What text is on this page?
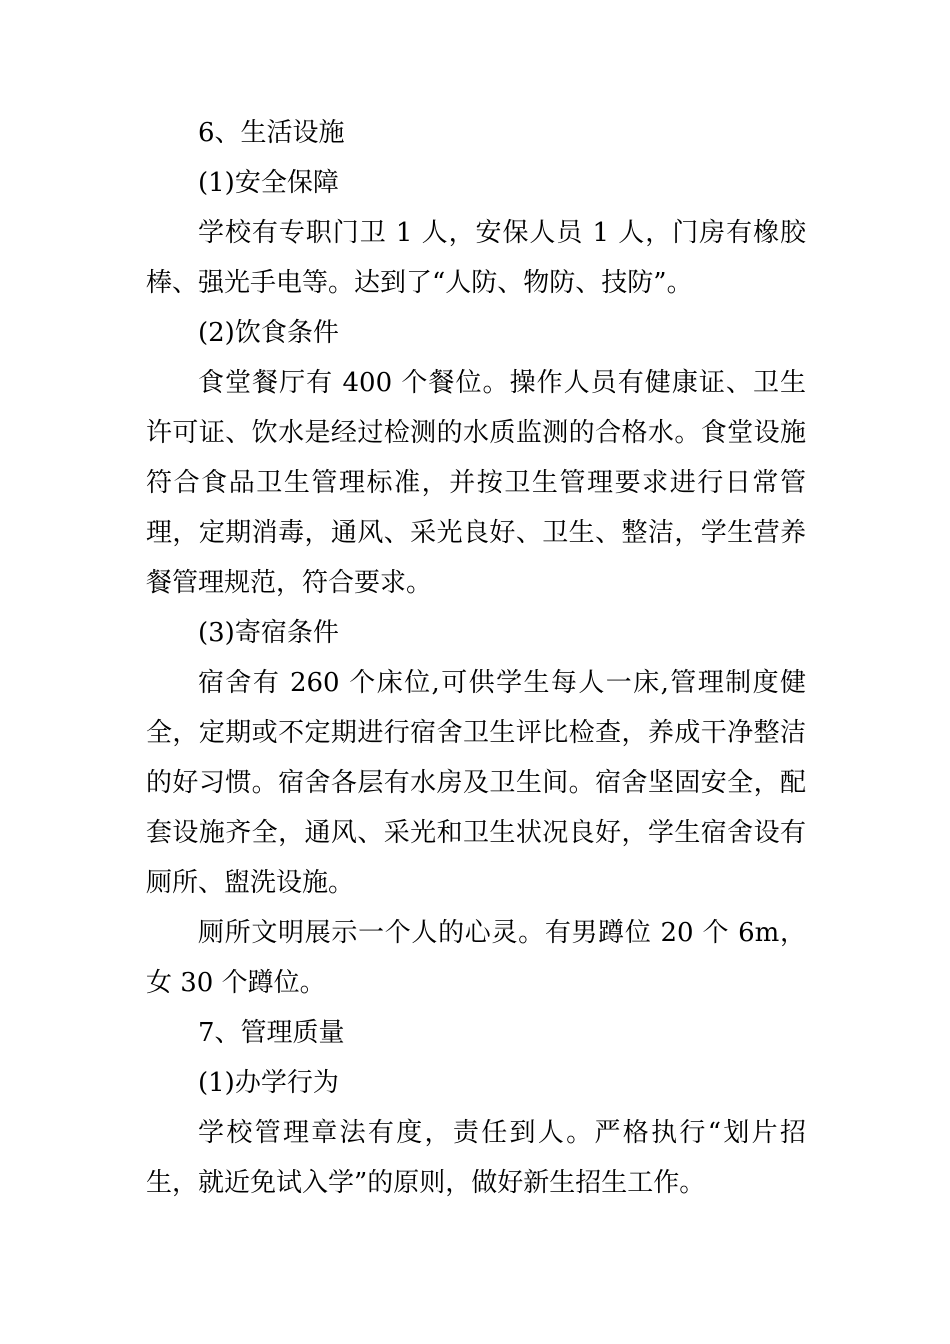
6、生活设施

(1)安全保障

学校有专职门卫 1 人，安保人员 1 人，门房有橡胶棒、强光手电等。达到了“人防、物防、技防”。

(2)饮食条件

食堂餐厅有 400 个餐位。操作人员有健康证、卫生许可证、饮水是经过检测的水质监测的合格水。食堂设施符合食品卫生管理标准，并按卫生管理要求进行日常管理，定期消毒，通风、采光良好、卫生、整洁，学生营养餐管理规范，符合要求。

(3)寄宿条件

宿舍有 260 个床位,可供学生每人一床,管理制度健全，定期或不定期进行宿舍卫生评比检查，养成干净整洁的好习惯。宿舍各层有水房及卫生间。宿舍坚固安全，配套设施齐全，通风、采光和卫生状况良好，学生宿舍设有厕所、盥洗设施。

厕所文明展示一个人的心灵。有男蹲位 20 个 6m，女 30 个蹲位。

7、管理质量

(1)办学行为

学校管理章法有度，责任到人。严格执行“划片招生，就近免试入学”的原则，做好新生招生工作。
